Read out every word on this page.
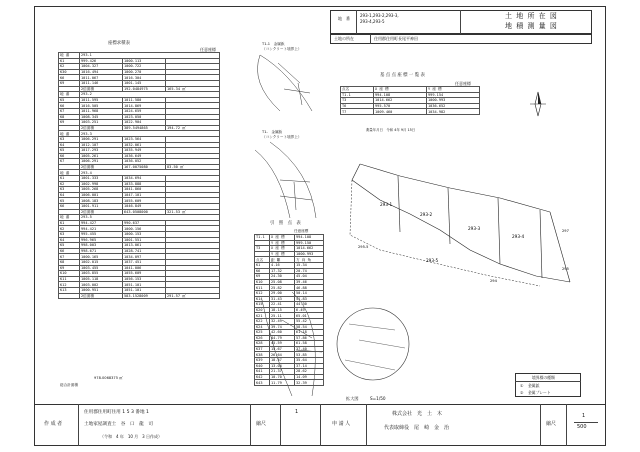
地　番
293-1,293-2,293-3,
293-4,293-5
土 地 所 在 図
地 積 測 量 図
土地の所在	住用郡住用町長尾平神田
座標求積表
任意座標
地 番	293-1		
K1	999.426	1000.113	
K2	1004.327	1000.722	
K30	1016.494	1000.270	
K6	1011.067	1016.304	
K9	1011.146	1001.145	
	2倍面積	192.0484975	165.34 ㎡
地 番	293-2		
K5	1011.595	1011.580	
K6	1016.505	1014.869	
K7	1011.968	1024.659	
K8	1008.345	1023.050	
K9	1003.251	1022.904	
	2倍面積	389.5494865	194.72 ㎡
地 番	293-3		
K3	1006.291	1023.564	
K4	1012.107	1032.061	
K5	1017.293	1035.949	
K6	1005.261	1036.649	
K7	1006.291	1036.052	
	2倍面積	167.0075080	83.50 ㎡
地 番	293-4		
K1	1001.333	1034.694	
K2	1002.998	1033.888	
K3	1005.268	1041.860	
K4	1006.001	1047.101	
K5	1008.183	1055.609	
K6	1001.911	1046.849	
	2倍面積	643.0508000	321.53 ㎡
地 番	293-5		
K1	994.427	990.637	
K2	994.421	1000.156	
K3	995.455	1000.153	
K4	996.965	1001.551	
K5	998.003	1013.061	
K6	998.671	1028.741	
K7	1000.165	1034.097	
K8	1002.015	1037.451	
K9	1003.455	1041.006	
K10	1003.855	1055.609	
K11	1005.118	1056.153	
K12	1003.002	1051.101	
K13	1000.951	1051.101	
	2倍面積	583.1528009	291.57 ㎡
総合計面積
978.0068375 ㎡
T1-1　金属鋲
（コンクリート境界上）
T1-　金属鋲
（コンクリート境界上）
基 点 点 座 標 一 覧 表
任意座標
点名	X 座 標	Y 座 標
T1-1	994.108	999.154
T3	1014.662	1000.993
T6	995.570	1036.652
T7	1009.460	1034.982
測量年月日　令和 4年 9月 15日
引　照　点　表
任意座標
T1-1	X 座 標	994.108
	Y 座 標	999.150
T3	X 座 標	1014.662
	Y 座 標	1000.993
点名	距 離	方 向 角
K1	4.16	15.34
K6	17.32	20.74
K9	24.30	45.04
K10	25.08	39.46
K11	25.82	46.88
K12	29.00	50.14
K14	31.43	51.83
K15	22.41	44.30
K20	18.15	6.49
K21	25.11	65.01
K22	32.49	55.42
K24	39.74	58.54
K25	42.60	61.18
K26	44.79	57.86
K28	45.59	61.58
K37	15.67	37.40
K38	26.64	53.85
K39	18.57	35.64
K40	13.04	37.14
K41	21.37	28.62
K42	10.70	14.09
K43	11.79	32.39
293-1
293-2
293-3
293-4
293-5
295-5
294
295
297
拡大図	S=1/50
境界標の種類
① 金属鋲
② 金属プレート
作 成 者
住用郡住用町住用 1 5 3 番地 1
土地家屋調査士　谷　口　龍　司
（令和　4 年　10 月　3 日作成）
縮尺
1
申 請 人
株式会社　光　土　木
代表取締役　尾　崎　金　治
縮尺
1
500
